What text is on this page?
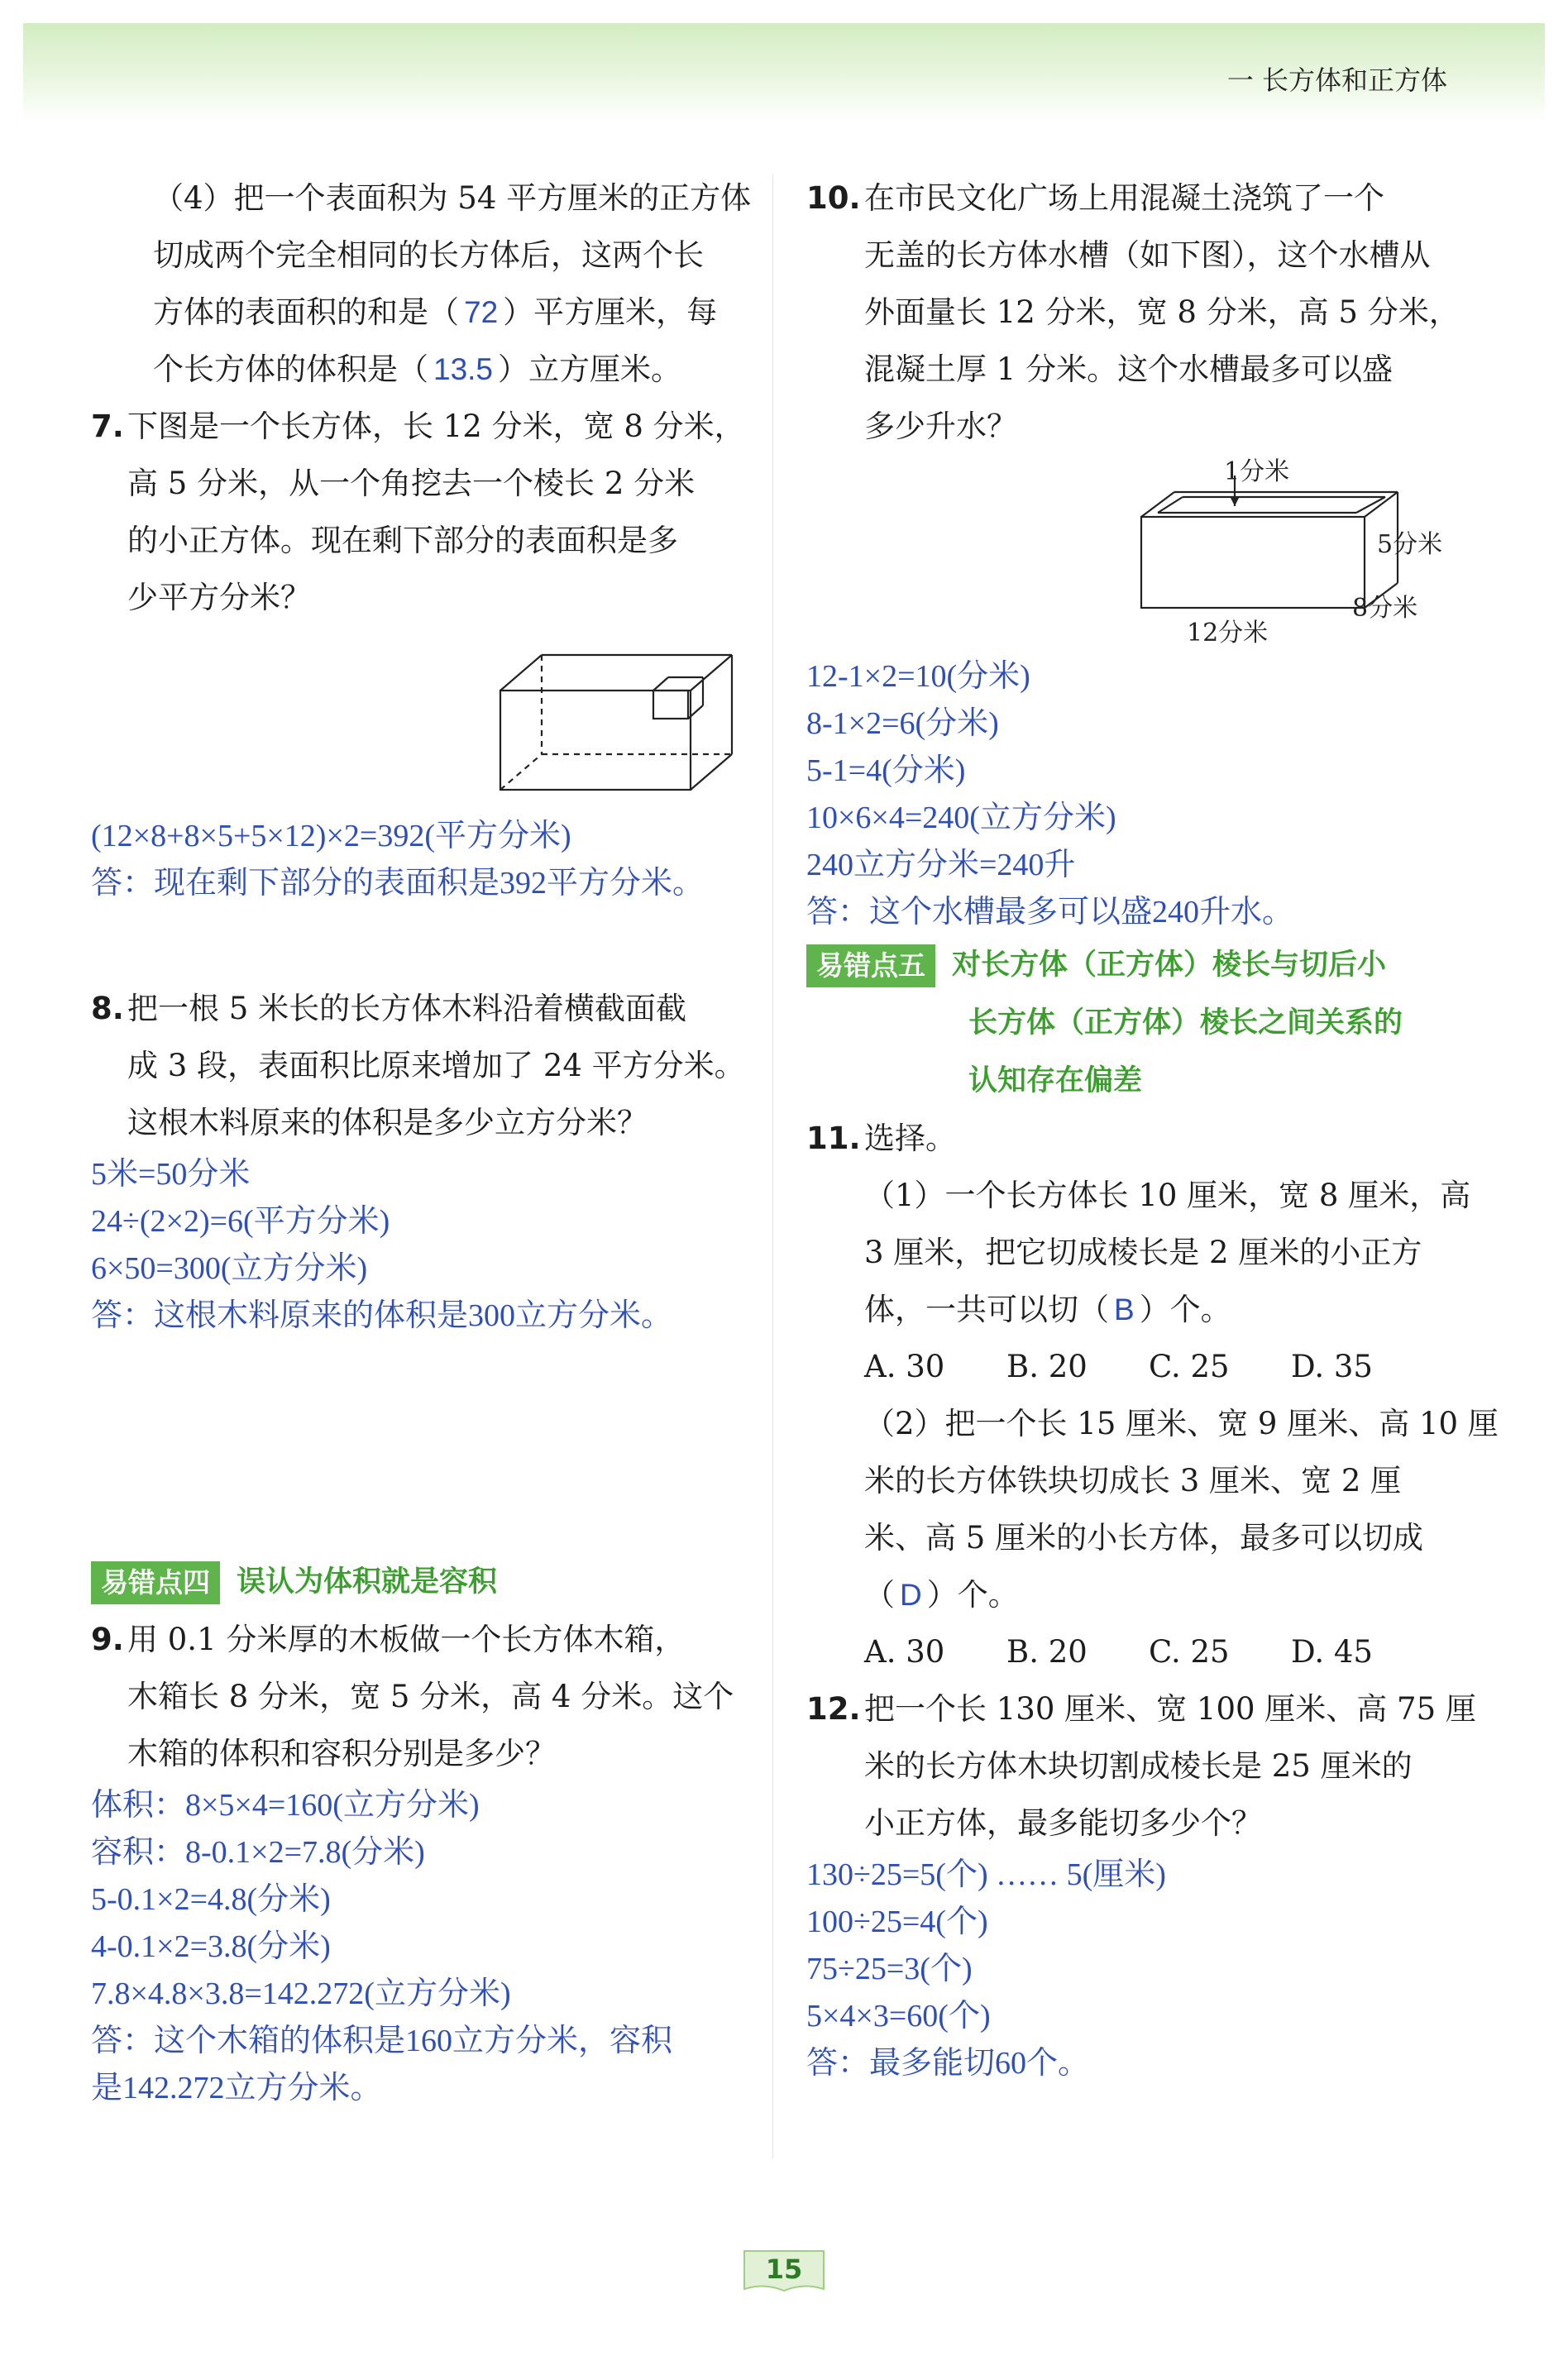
一 长方体和正方体
（4）把一个表面积为 54 平方厘米的正方体
切成两个完全相同的长方体后，这两个长
方体的表面积的和是（ 72 ）平方厘米，每
个长方体的体积是（ 13.5 ）立方厘米。
7. 下图是一个长方体，长 12 分米，宽 8 分米，
高 5 分米，从一个角挖去一个棱长 2 分米
的小正方体。现在剩下部分的表面积是多
少平方分米？
(12×8+8×5+5×12)×2=392(平方分米)
答：现在剩下部分的表面积是392平方分米。
8. 把一根 5 米长的长方体木料沿着横截面截
成 3 段，表面积比原来增加了 24 平方分米。
这根木料原来的体积是多少立方分米？
5米=50分米
24÷(2×2)=6(平方分米)
6×50=300(立方分米)
答：这根木料原来的体积是300立方分米。
易错点四 误认为体积就是容积
9. 用 0.1 分米厚的木板做一个长方体木箱，
木箱长 8 分米，宽 5 分米，高 4 分米。这个
木箱的体积和容积分别是多少？
体积：8×5×4=160(立方分米)
容积：8-0.1×2=7.8(分米)
5-0.1×2=4.8(分米)
4-0.1×2=3.8(分米)
7.8×4.8×3.8=142.272(立方分米)
答：这个木箱的体积是160立方分米，容积
是142.272立方分米。
10. 在市民文化广场上用混凝土浇筑了一个
无盖的长方体水槽（如下图），这个水槽从
外面量长 12 分米，宽 8 分米，高 5 分米，
混凝土厚 1 分米。这个水槽最多可以盛
多少升水？
1分米
5分米
8分米
12分米
12-1×2=10(分米)
8-1×2=6(分米)
5-1=4(分米)
10×6×4=240(立方分米)
240立方分米=240升
答：这个水槽最多可以盛240升水。
易错点五 对长方体（正方体）棱长与切后小
长方体（正方体）棱长之间关系的
认知存在偏差
11. 选择。
（1）一个长方体长 10 厘米，宽 8 厘米，高
3 厘米，把它切成棱长是 2 厘米的小正方
体，一共可以切（ B ）个。
A. 30 B. 20 C. 25 D. 35
（2）把一个长 15 厘米、宽 9 厘米、高 10 厘
米的长方体铁块切成长 3 厘米、宽 2 厘
米、高 5 厘米的小长方体，最多可以切成
（ D ）个。
A. 30 B. 20 C. 25 D. 45
12. 把一个长 130 厘米、宽 100 厘米、高 75 厘
米的长方体木块切割成棱长是 25 厘米的
小正方体，最多能切多少个？
130÷25=5(个) …… 5(厘米)
100÷25=4(个)
75÷25=3(个)
5×4×3=60(个)
答：最多能切60个。
15
